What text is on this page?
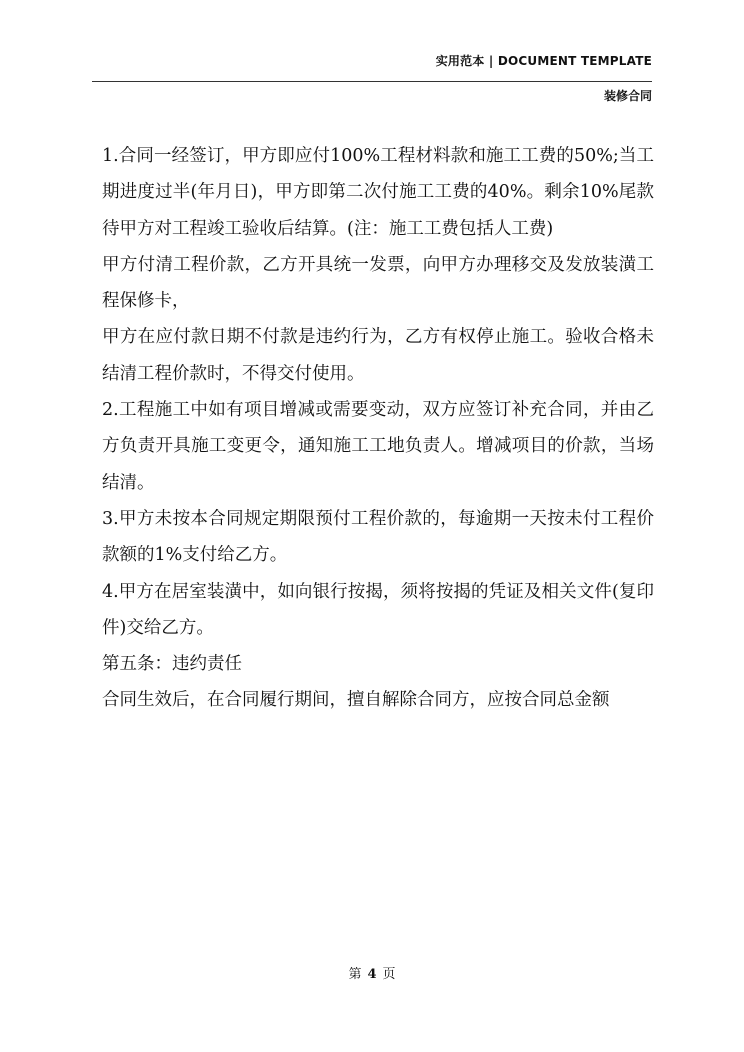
实用范本 | DOCUMENT TEMPLATE
装修合同

1.合同一经签订，甲方即应付100%工程材料款和施工工费的50%;当工期进度过半(年月日)，甲方即第二次付施工工费的40%。剩余10%尾款待甲方对工程竣工验收后结算。(注：施工工费包括人工费)

甲方付清工程价款，乙方开具统一发票，向甲方办理移交及发放装潢工程保修卡，

甲方在应付款日期不付款是违约行为，乙方有权停止施工。验收合格未结清工程价款时，不得交付使用。

2.工程施工中如有项目增减或需要变动，双方应签订补充合同，并由乙方负责开具施工变更令，通知施工工地负责人。增减项目的价款，当场结清。

3.甲方未按本合同规定期限预付工程价款的，每逾期一天按未付工程价款额的1%支付给乙方。

4.甲方在居室装潢中，如向银行按揭，须将按揭的凭证及相关文件(复印件)交给乙方。

第五条：违约责任

合同生效后，在合同履行期间，擅自解除合同方，应按合同总金额

第 4 页
